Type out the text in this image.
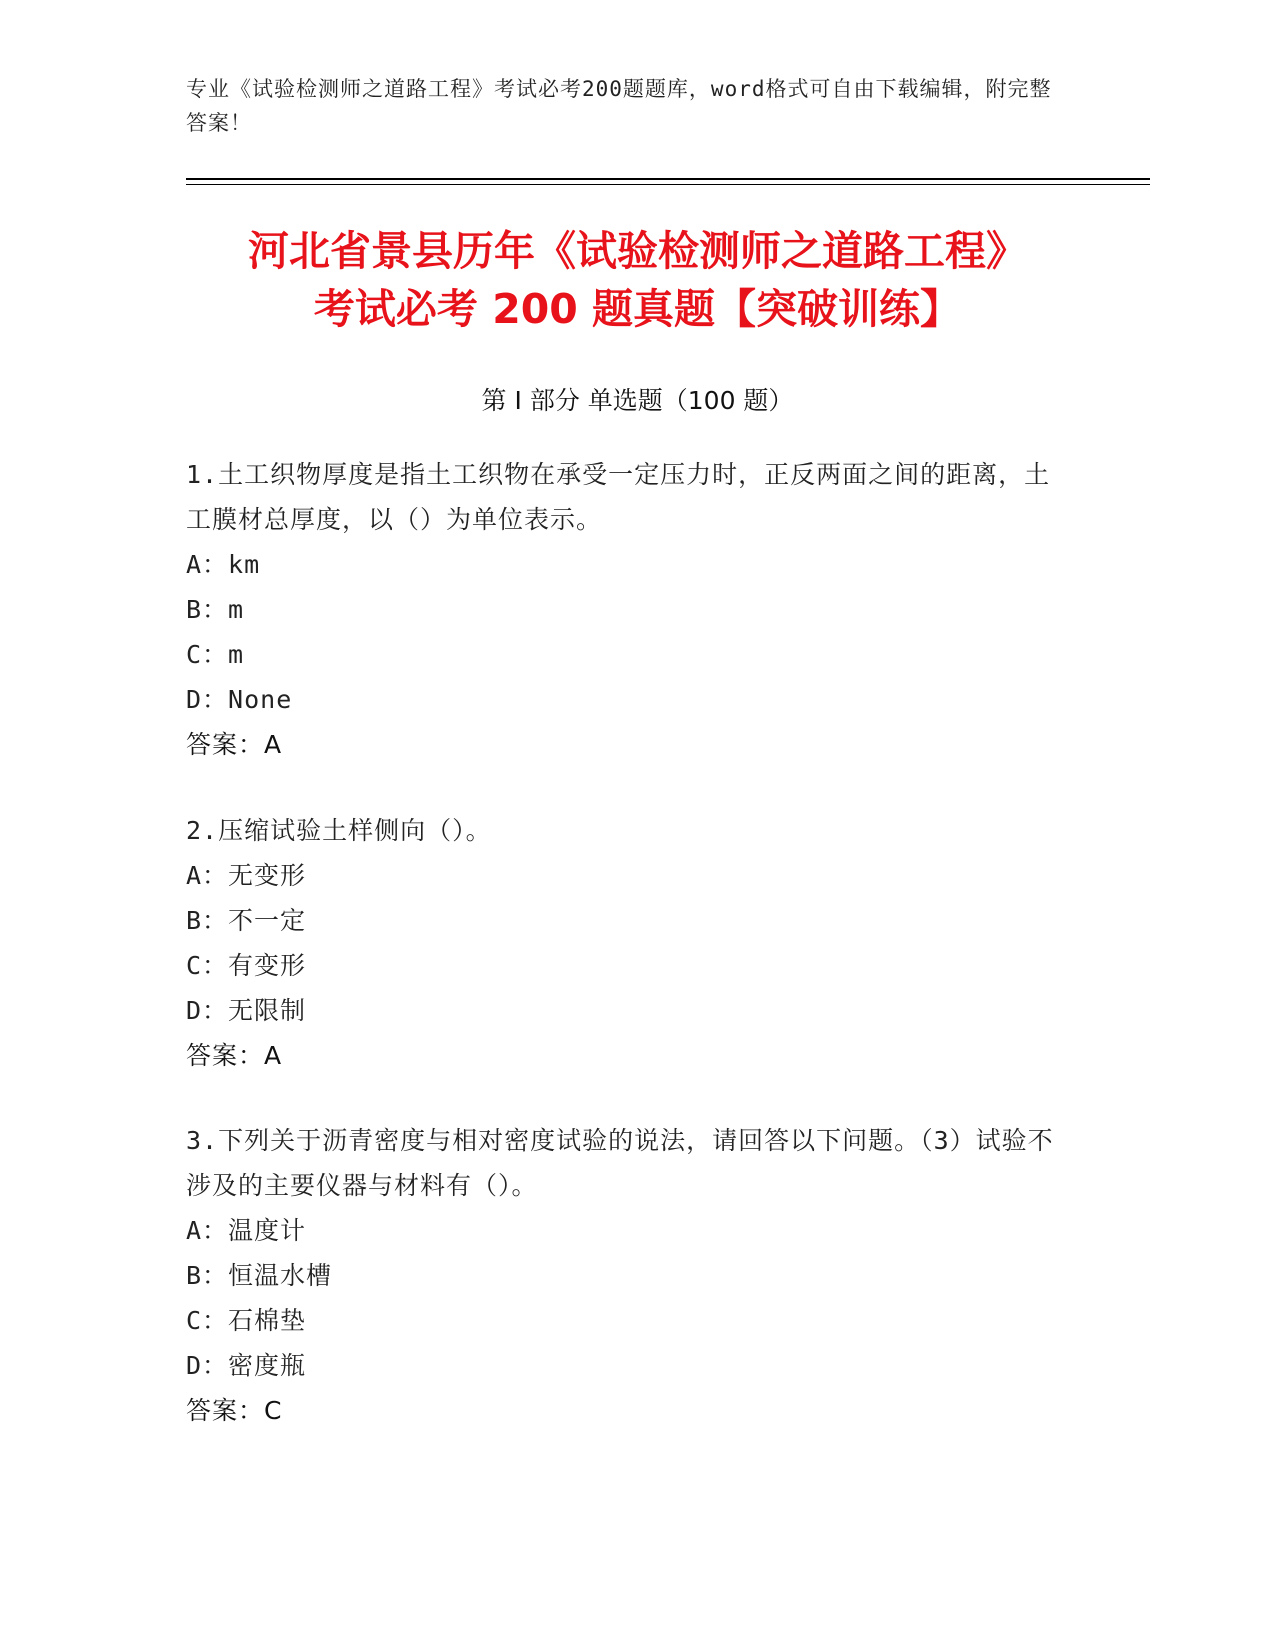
专业《试验检测师之道路工程》考试必考200题题库，word格式可自由下载编辑，附完整答案！
河北省景县历年《试验检测师之道路工程》
考试必考 200 题真题【突破训练】
第 I 部分 单选题（100 题）
1.土工织物厚度是指土工织物在承受一定压力时，正反两面之间的距离，土工膜材总厚度，以（）为单位表示。
A：km
B：m
C：m
D：None
答案：A
2.压缩试验土样侧向（）。
A：无变形
B：不一定
C：有变形
D：无限制
答案：A
3.下列关于沥青密度与相对密度试验的说法，请回答以下问题。（3）试验不涉及的主要仪器与材料有（）。
A：温度计
B：恒温水槽
C：石棉垫
D：密度瓶
答案：C
